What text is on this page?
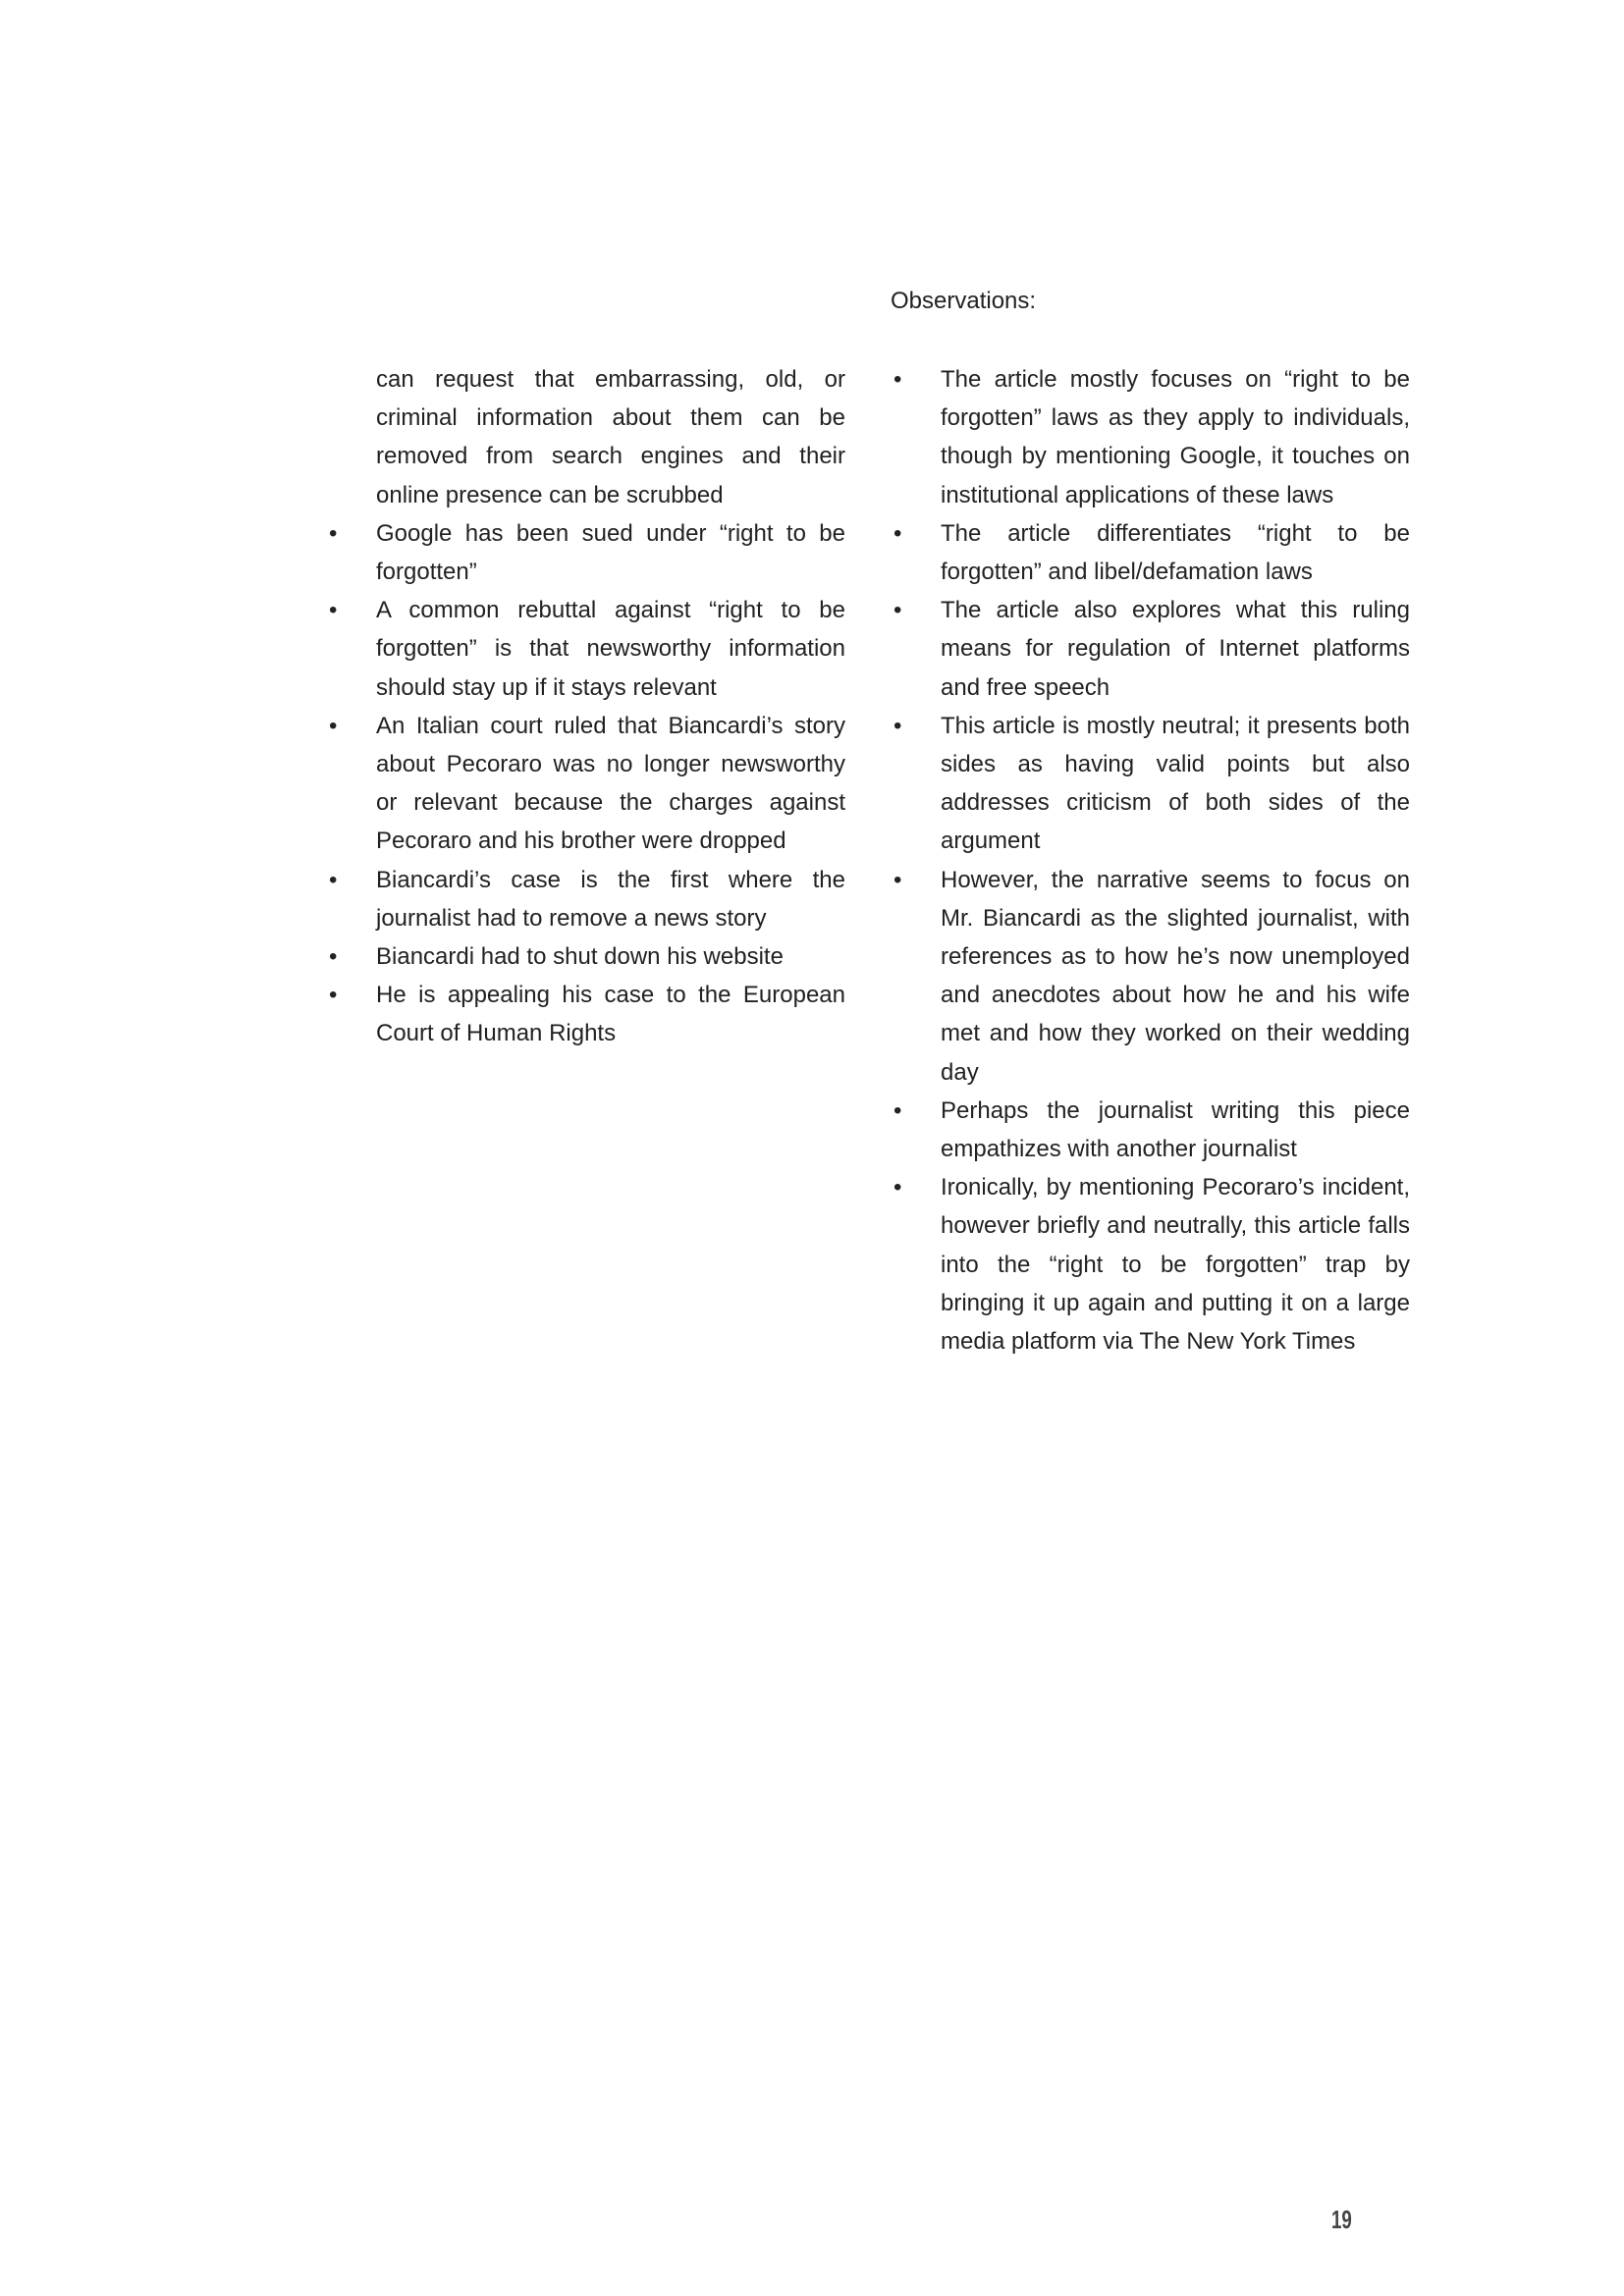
Observations:

can request that embarrassing, old, or criminal information about them can be removed from search engines and their online presence can be scrubbed

•	Google has been sued under “right to be forgotten”
•	A common rebuttal against “right to be forgotten” is that newsworthy information should stay up if it stays relevant
•	An Italian court ruled that Biancardi’s story about Pecoraro was no longer newsworthy or relevant because the charges against Pecoraro and his brother were dropped
•	Biancardi’s case is the first where the journalist had to remove a news story
•	Biancardi had to shut down his website
•	He is appealing his case to the European Court of Human Rights
•	The article mostly focuses on “right to be forgotten” laws as they apply to individuals, though by mentioning Google, it touches on institutional applications of these laws
•	The article differentiates “right to be forgotten” and libel/defamation laws
•	The article also explores what this ruling means for regulation of Internet platforms and free speech
•	This article is mostly neutral; it presents both sides as having valid points but also addresses criticism of both sides of the argument
•	However, the narrative seems to focus on Mr. Biancardi as the slighted journalist, with references as to how he’s now unemployed and anecdotes about how he and his wife met and how they worked on their wedding day
•	Perhaps the journalist writing this piece empathizes with another journalist
•	Ironically, by mentioning Pecoraro’s incident, however briefly and neutrally, this article falls into the “right to be forgotten” trap by bringing it up again and putting it on a large media platform via The New York Times
19
